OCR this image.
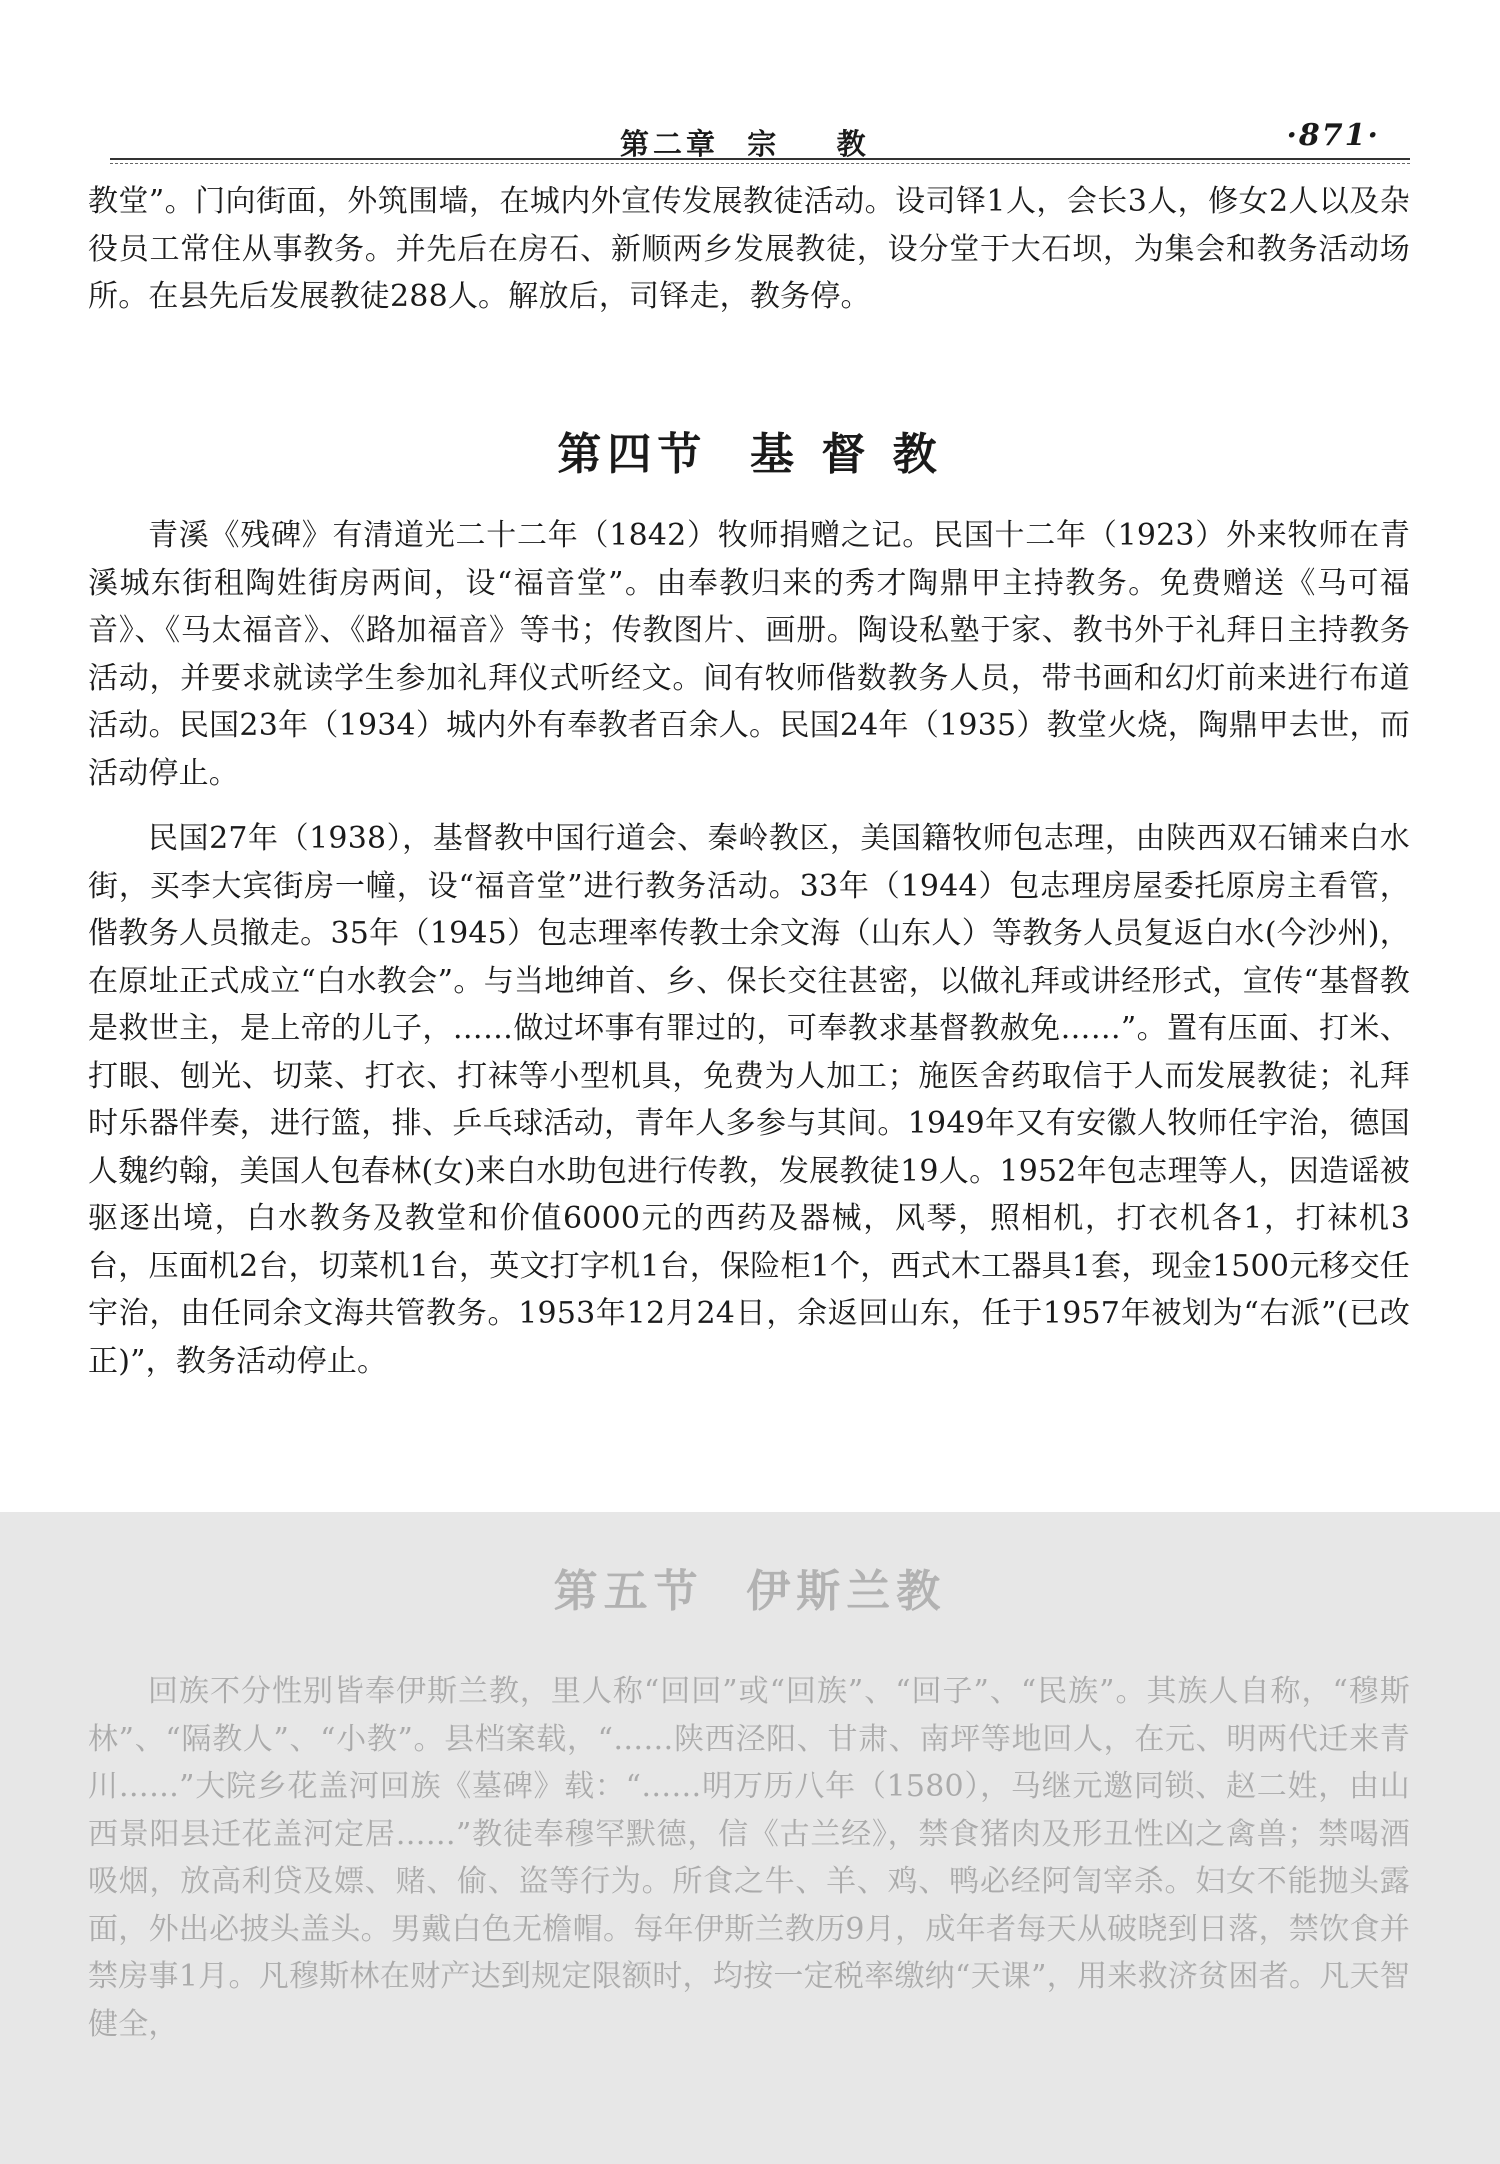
第二章  宗    教	·871·

教堂”。门向街面，外筑围墙，在城内外宣传发展教徒活动。设司铎1人，会长3人，修女2人以及杂役员工常住从事教务。并先后在房石、新顺两乡发展教徒，设分堂于大石坝，为集会和教务活动场所。在县先后发展教徒288人。解放后，司铎走，教务停。

第四节  基 督 教

青溪《残碑》有清道光二十二年（1842）牧师捐赠之记。民国十二年（1923）外来牧师在青溪城东街租陶姓街房两间，设“福音堂”。由奉教归来的秀才陶鼎甲主持教务。免费赠送《马可福音》、《马太福音》、《路加福音》等书；传教图片、画册。陶设私塾于家、教书外于礼拜日主持教务活动，并要求就读学生参加礼拜仪式听经文。间有牧师偕数教务人员，带书画和幻灯前来进行布道活动。民国23年（1934）城内外有奉教者百余人。民国24年（1935）教堂火烧，陶鼎甲去世，而活动停止。

民国27年（1938），基督教中国行道会、秦岭教区，美国籍牧师包志理，由陕西双石铺来白水街，买李大宾街房一幢，设“福音堂”进行教务活动。33年（1944）包志理房屋委托原房主看管，偕教务人员撤走。35年（1945）包志理率传教士余文海（山东人）等教务人员复返白水(今沙州)，在原址正式成立“白水教会”。与当地绅首、乡、保长交往甚密，以做礼拜或讲经形式，宣传“基督教是救世主，是上帝的儿子，……做过坏事有罪过的，可奉教求基督教赦免……”。置有压面、打米、打眼、刨光、切菜、打衣、打袜等小型机具，免费为人加工；施医舍药取信于人而发展教徒；礼拜时乐器伴奏，进行篮，排、乒乓球活动，青年人多参与其间。1949年又有安徽人牧师任宇治，德国人魏约翰，美国人包春林(女)来白水助包进行传教，发展教徒19人。1952年包志理等人，因造谣被驱逐出境，白水教务及教堂和价值6000元的西药及器械，风琴，照相机，打衣机各1，打袜机3台，压面机2台，切菜机1台，英文打字机1台，保险柜1个，西式木工器具1套，现金1500元移交任宇治，由任同余文海共管教务。1953年12月24日，余返回山东，任于1957年被划为“右派”(已改正)”，教务活动停止。

第五节  伊斯兰教

回族不分性别皆奉伊斯兰教，里人称“回回”或“回族”、“回子”、“民族”。其族人自称，“穆斯林”、“隔教人”、“小教”。县档案载，“……陕西泾阳、甘肃、南坪等地回人，在元、明两代迁来青川……”大院乡花盖河回族《墓碑》载：“……明万历八年（1580），马继元邀同锁、赵二姓，由山西景阳县迁花盖河定居……”教徒奉穆罕默德，信《古兰经》，禁食猪肉及形丑性凶之禽兽；禁喝酒吸烟，放高利贷及嫖、赌、偷、盗等行为。所食之牛、羊、鸡、鸭必经阿訇宰杀。妇女不能抛头露面，外出必披头盖头。男戴白色无檐帽。每年伊斯兰教历9月，成年者每天从破晓到日落，禁饮食并禁房事1月。凡穆斯林在财产达到规定限额时，均按一定税率缴纳“天课”，用来救济贫困者。凡天智健全，
